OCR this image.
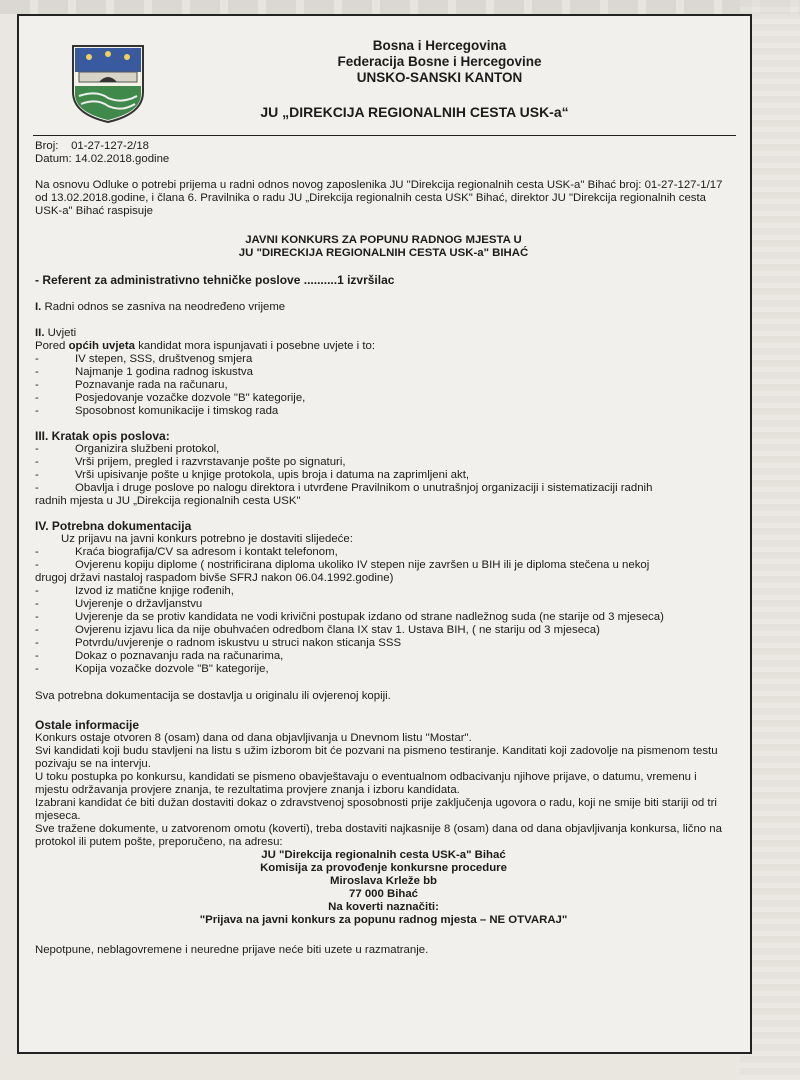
Bosna i Hercegovina
Federacija Bosne i Hercegovine
UNSKO-SANSKI KANTON
JU „DIREKCIJA REGIONALNIH CESTA USK-a“
Broj: 01-27-127-2/18
Datum: 14.02.2018.godine

Na osnovu Odluke o potrebi prijema u radni odnos novog zaposlenika JU "Direkcija regionalnih cesta USK-a" Bihać broj: 01-27-127-1/17 od 13.02.2018.godine, i člana 6. Pravilnika o radu JU „Direkcija regionalnih cesta USK" Bihać, direktor JU "Direkcija regionalnih cesta USK-a" Bihać raspisuje

JAVNI KONKURS ZA POPUNU RADNOG MJESTA U
JU "DIRECKIJA REGIONALNIH CESTA USK-a" BIHAĆ
- Referent za administrativno tehničke poslove ..........1 izvršilac
I. Radni odnos se zasniva na neodređeno vrijeme
II. Uvjeti
Pored općih uvjeta kandidat mora ispunjavati i posebne uvjete i to:
-	IV stepen, SSS, društvenog smjera
-	Najmanje 1 godina radnog iskustva
-	Poznavanje rada na računaru,
-	Posjedovanje vozačke dozvole "B" kategorije,
-	Sposobnost komunikacije i timskog rada
III. Kratak opis poslova:
-	Organizira službeni protokol,
-	Vrši prijem, pregled i razvrstavanje pošte po signaturi,
-	Vrši upisivanje pošte u knjige protokola, upis broja i datuma na zaprimljeni akt,
-	Obavlja i druge poslove po nalogu direktora i utvrđene Pravilnikom o unutrašnjoj organizaciji i sistematizaciji radnih
radnih mjesta u JU „Direkcija regionalnih cesta USK"
IV. Potrebna dokumentacija
Uz prijavu na javni konkurs potrebno je dostaviti slijedeće:
-	Kraća biografija/CV sa adresom i kontakt telefonom,
-	Ovjerenu kopiju diplome ( nostrificirana diploma ukoliko IV stepen nije završen u BIH ili je diploma stečena u nekoj
drugoj državi nastaloj raspadom bivše SFRJ nakon 06.04.1992.godine)
-	Izvod iz matične knjige rođenih,
-	Uvjerenje o državljanstvu
-	Uvjerenje da se protiv kandidata ne vodi krivični postupak izdano od strane nadležnog suda (ne starije od 3 mjeseca)
-	Ovjerenu izjavu lica da nije obuhvaćen odredbom člana IX stav 1. Ustava BIH, ( ne stariju od 3 mjeseca)
-	Potvrdu/uvjerenje o radnom iskustvu u struci nakon sticanja SSS
-	Dokaz o poznavanju rada na računarima,
-	Kopija vozačke dozvole "B" kategorije,
Sva potrebna dokumentacija se dostavlja u originalu ili ovjerenoj kopiji.
Ostale informacije
Konkurs ostaje otvoren 8 (osam) dana od dana objavljivanja u Dnevnom listu "Mostar".
Svi kandidati koji budu stavljeni na listu s užim izborom bit će pozvani na pismeno testiranje. Kanditati koji zadovolje na pismenom testu pozivaju se na intervju.
U toku postupka po konkursu, kandidati se pismeno obavještavaju o eventualnom odbacivanju njihove prijave, o datumu, vremenu i mjestu održavanja provjere znanja, te rezultatima provjere znanja i izboru kandidata.
Izabrani kandidat će biti dužan dostaviti dokaz o zdravstvenoj sposobnosti prije zaključenja ugovora o radu, koji ne smije biti stariji od tri mjeseca.
Sve tražene dokumente, u zatvorenom omotu (koverti), treba dostaviti najkasnije 8 (osam) dana od dana objavljivanja konkursa, lično na protokol ili putem pošte, preporučeno, na adresu:
JU "Direkcija regionalnih cesta USK-a" Bihać
Komisija za provođenje konkursne procedure
Miroslava Krleže bb
77 000 Bihać
Na koverti naznačiti:
"Prijava na javni konkurs za popunu radnog mjesta – NE OTVARAJ"
Nepotpune, neblagovremene i neuredne prijave neće biti uzete u razmatranje.
